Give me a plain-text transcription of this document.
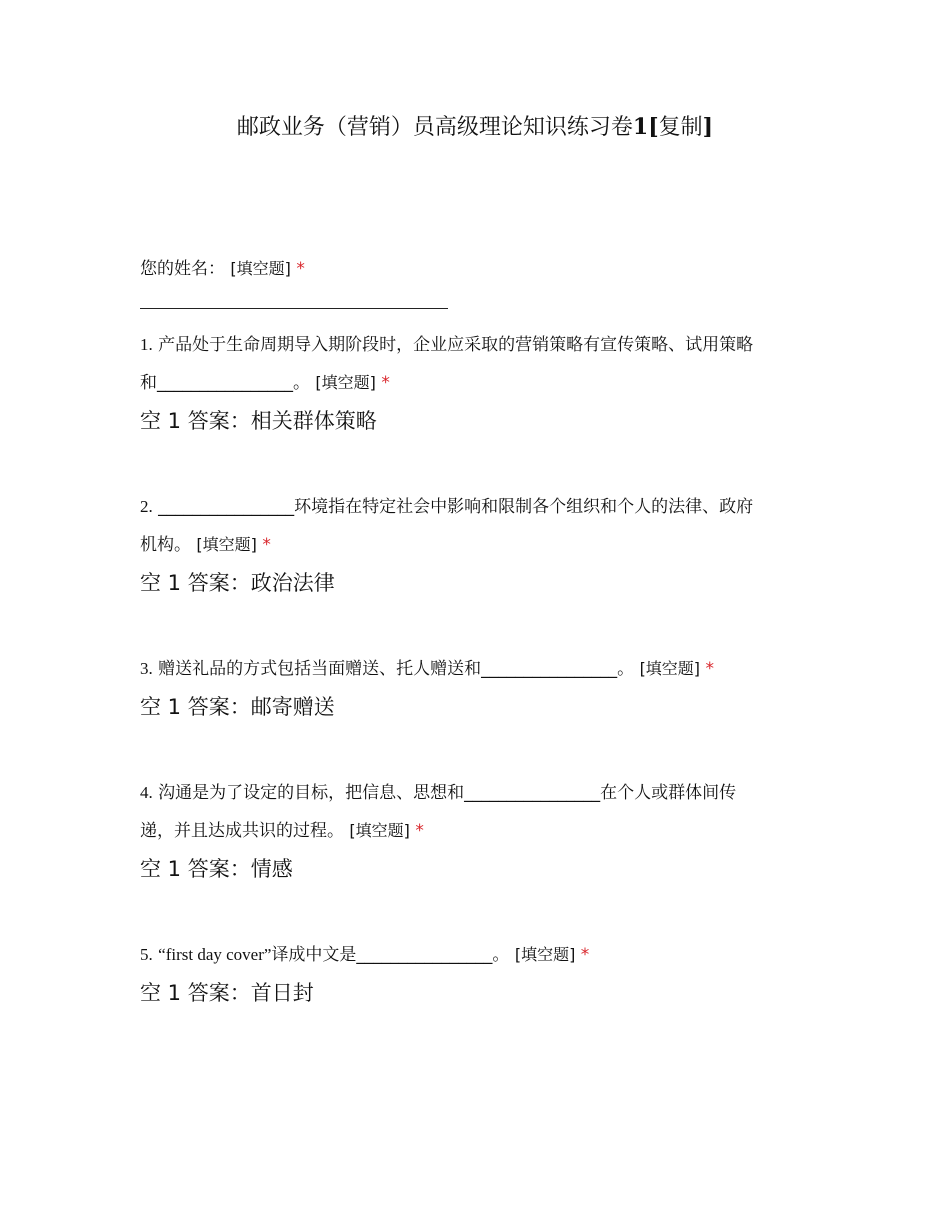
邮政业务（营销）员高级理论知识练习卷1[复制]
您的姓名： [填空题] *
1. 产品处于生命周期导入期阶段时，企业应采取的营销策略有宣传策略、试用策略
和________________。 [填空题] *
空 1 答案：相关群体策略
2. ________________环境指在特定社会中影响和限制各个组织和个人的法律、政府
机构。 [填空题] *
空 1 答案：政治法律
3. 赠送礼品的方式包括当面赠送、托人赠送和________________。 [填空题] *
空 1 答案：邮寄赠送
4. 沟通是为了设定的目标，把信息、思想和________________在个人或群体间传
递，并且达成共识的过程。 [填空题] *
空 1 答案：情感
5. “first day cover”译成中文是________________。 [填空题] *
空 1 答案：首日封
